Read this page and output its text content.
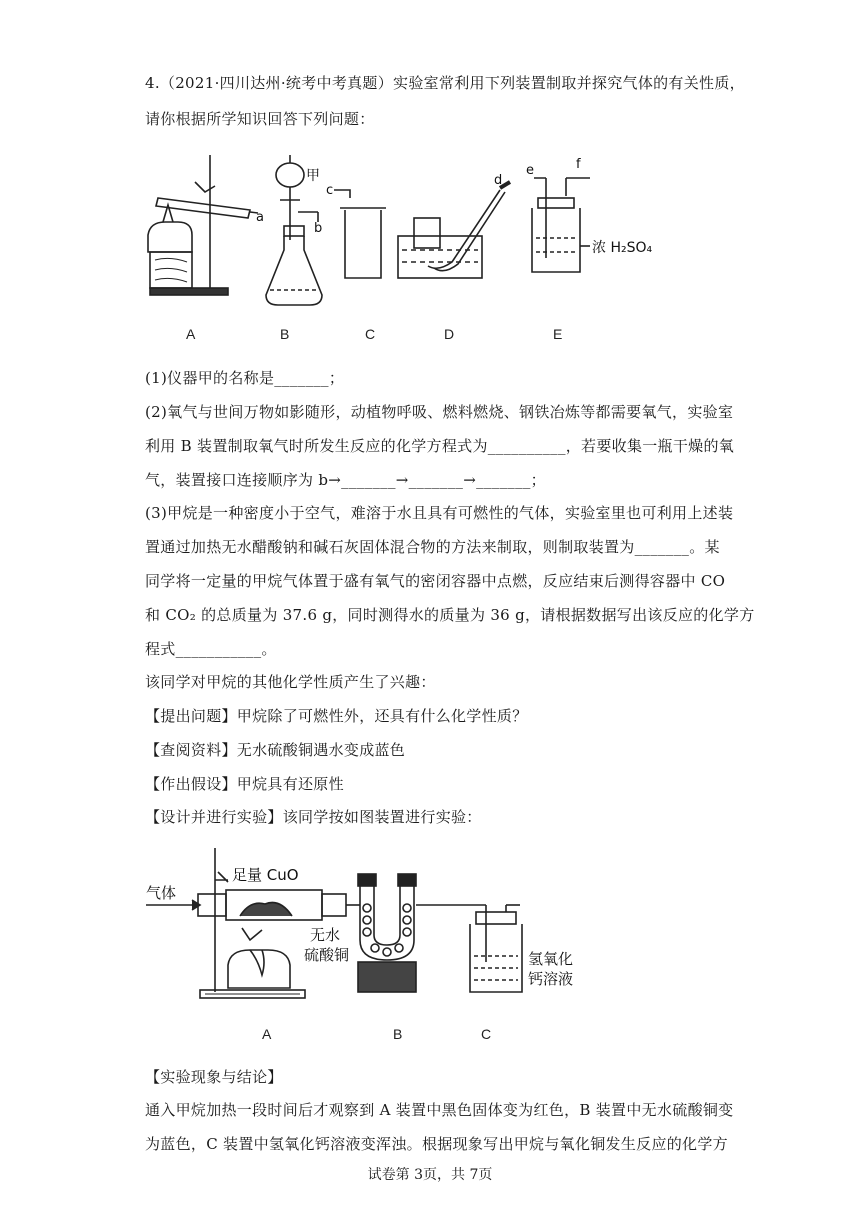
4.（2021·四川达州·统考中考真题）实验室常利用下列装置制取并探究气体的有关性质，
请你根据所学知识回答下列问题：
a
b
c
d
e	f
甲
浓 H₂SO₄
A	B	C	D	E
(1)仪器甲的名称是_______；
(2)氧气与世间万物如影随形，动植物呼吸、燃料燃烧、钢铁冶炼等都需要氧气，实验室
利用 B 装置制取氧气时所发生反应的化学方程式为__________，若要收集一瓶干燥的氧
气，装置接口连接顺序为 b→_______→_______→_______；
(3)甲烷是一种密度小于空气，难溶于水且具有可燃性的气体，实验室里也可利用上述装
置通过加热无水醋酸钠和碱石灰固体混合物的方法来制取，则制取装置为_______。某
同学将一定量的甲烷气体置于盛有氧气的密闭容器中点燃，反应结束后测得容器中 CO
和 CO₂ 的总质量为 37.6 g，同时测得水的质量为 36 g，请根据数据写出该反应的化学方
程式___________。
该同学对甲烷的其他化学性质产生了兴趣：
【提出问题】甲烷除了可燃性外，还具有什么化学性质？
【查阅资料】无水硫酸铜遇水变成蓝色
【作出假设】甲烷具有还原性
【设计并进行实验】该同学按如图装置进行实验：
气体
足量 CuO
无水
硫酸铜	氢氧化
钙溶液
A	B	C
【实验现象与结论】
通入甲烷加热一段时间后才观察到 A 装置中黑色固体变为红色，B 装置中无水硫酸铜变
为蓝色，C 装置中氢氧化钙溶液变浑浊。根据现象写出甲烷与氧化铜发生反应的化学方
试卷第 3页，共 7页
